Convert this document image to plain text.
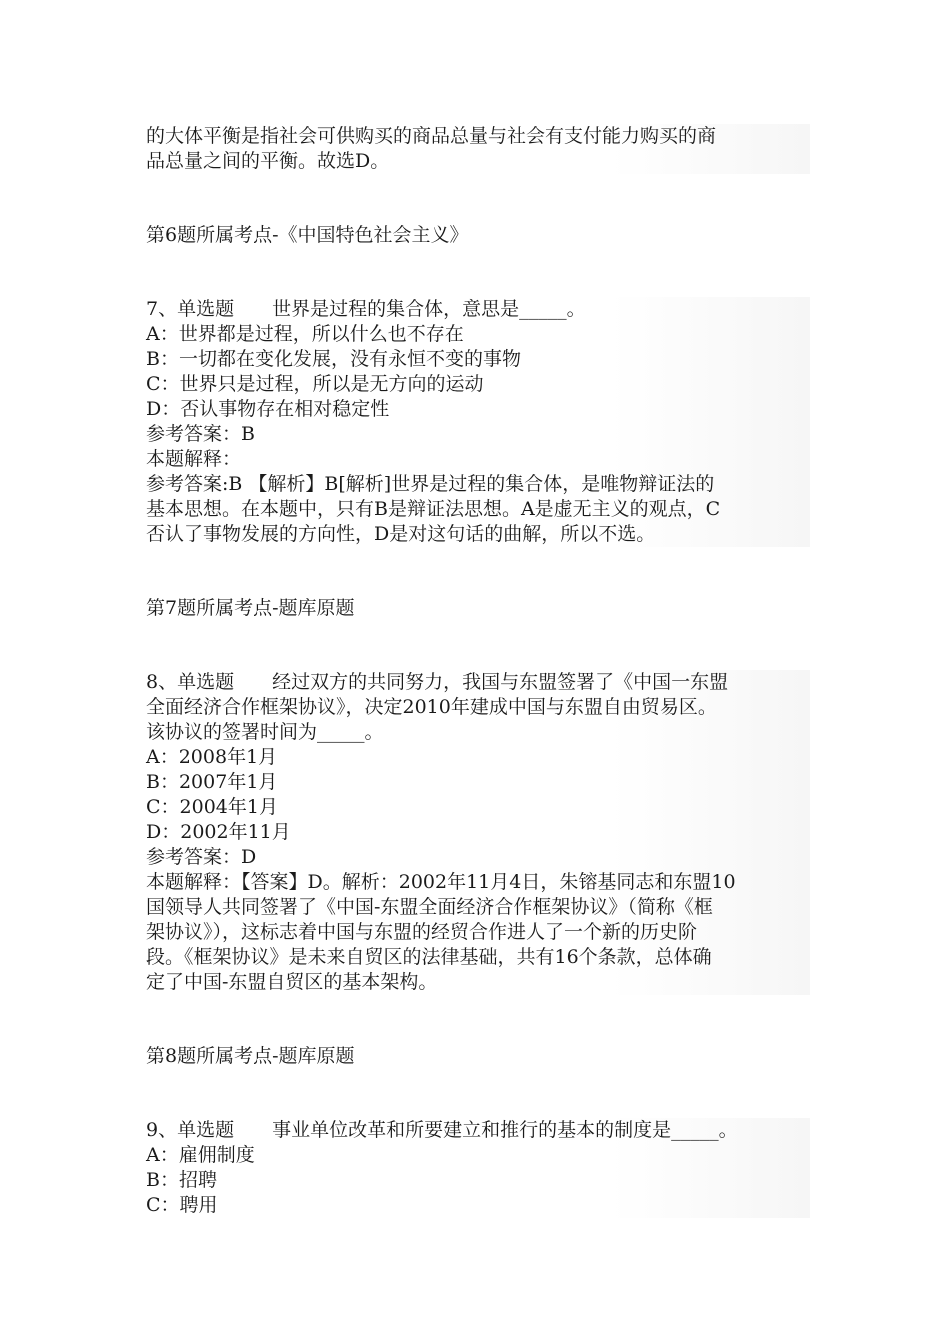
的大体平衡是指社会可供购买的商品总量与社会有支付能力购买的商

品总量之间的平衡。故选D。

第6题所属考点-《中国特色社会主义》

7、单选题　　世界是过程的集合体，意思是_____。

A：世界都是过程，所以什么也不存在

B：一切都在变化发展，没有永恒不变的事物

C：世界只是过程，所以是无方向的运动

D：否认事物存在相对稳定性

参考答案：B

本题解释：

参考答案:B 【解析】B[解析]世界是过程的集合体，是唯物辩证法的

基本思想。在本题中，只有B是辩证法思想。A是虚无主义的观点，C

否认了事物发展的方向性，D是对这句话的曲解，所以不选。

第7题所属考点-题库原题

8、单选题　　经过双方的共同努力，我国与东盟签署了《中国一东盟

全面经济合作框架协议》，决定2010年建成中国与东盟自由贸易区。

该协议的签署时间为_____。

A：2008年1月

B：2007年1月

C：2004年1月

D：2002年11月

参考答案：D

本题解释：【答案】D。解析：2002年11月4日，朱镕基同志和东盟10

国领导人共同签署了《中国-东盟全面经济合作框架协议》（简称《框

架协议》），这标志着中国与东盟的经贸合作进人了一个新的历史阶

段。《框架协议》是未来自贸区的法律基础，共有16个条款，总体确

定了中国-东盟自贸区的基本架构。

第8题所属考点-题库原题

9、单选题　　事业单位改革和所要建立和推行的基本的制度是_____。

A：雇佣制度

B：招聘

C：聘用
